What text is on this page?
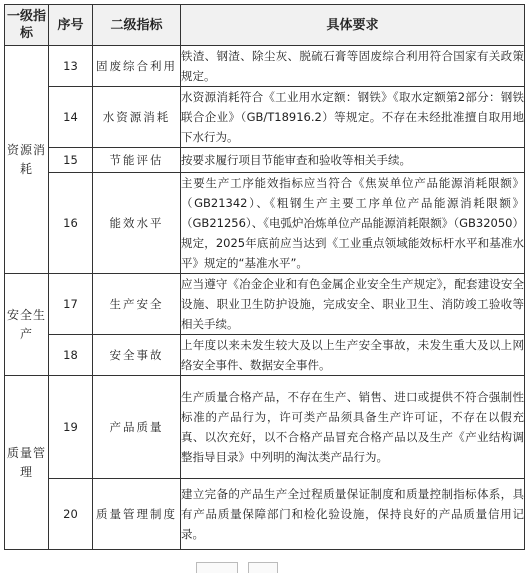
一级指标	序号	二级指标	具体要求
资源消耗	13	固废综合利用	铁渣、钢渣、除尘灰、脱硫石膏等固废综合利用符合国家有关政策规定。
	14	水资源消耗	水资源消耗符合《工业用水定额：钢铁》《取水定额第2部分：钢铁联合企业》（GB/T18916.2）等规定。不存在未经批准擅自取用地下水行为。
	15	节能评估	按要求履行项目节能审查和验收等相关手续。
	16	能效水平	主要生产工序能效指标应当符合《焦炭单位产品能源消耗限额》（GB21342）、《粗钢生产主要工序单位产品能源消耗限额》（GB21256）、《电弧炉冶炼单位产品能源消耗限额》（GB32050）规定，2025年底前应当达到《工业重点领域能效标杆水平和基准水平》规定的“基准水平”。
安全生产	17	生产安全	应当遵守《冶金企业和有色金属企业安全生产规定》，配套建设安全设施、职业卫生防护设施，完成安全、职业卫生、消防竣工验收等相关手续。
	18	安全事故	上年度以来未发生较大及以上生产安全事故，未发生重大及以上网络安全事件、数据安全事件。
质量管理	19	产品质量	生产质量合格产品，不存在生产、销售、进口或提供不符合强制性标准的产品行为，许可类产品须具备生产许可证，不存在以假充真、以次充好，以不合格产品冒充合格产品以及生产《产业结构调整指导目录》中列明的淘汰类产品行为。
	20	质量管理制度	建立完备的产品生产全过程质量保证制度和质量控制指标体系，具有产品质量保障部门和检化验设施，保持良好的产品质量信用记录。
